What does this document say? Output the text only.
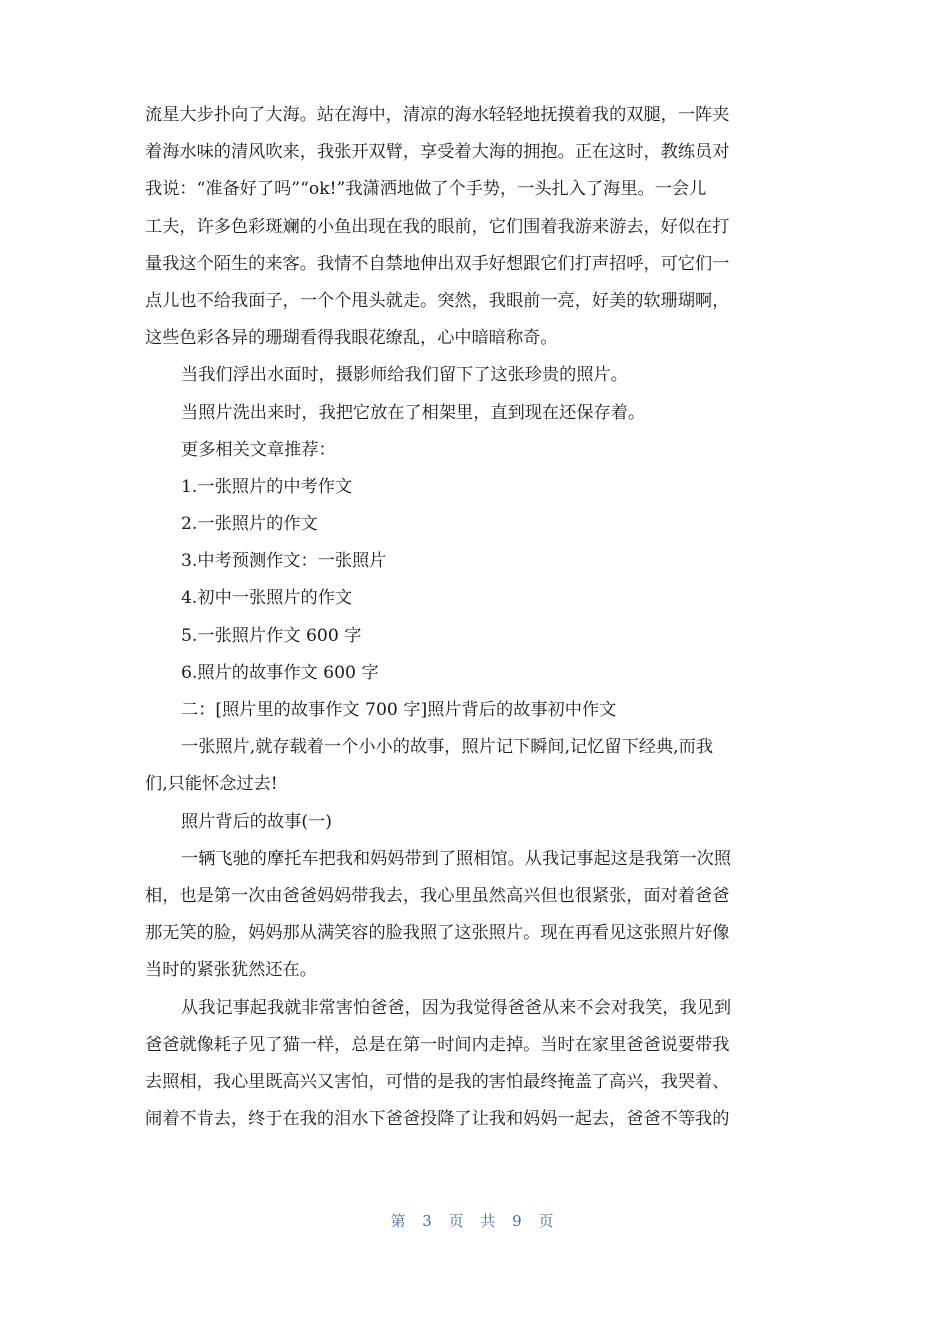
流星大步扑向了大海。站在海中，清凉的海水轻轻地抚摸着我的双腿，一阵夹
着海水味的清风吹来，我张开双臂，享受着大海的拥抱。正在这时，教练员对
我说：“准备好了吗”“ok!”我潇洒地做了个手势，一头扎入了海里。一会儿
工夫，许多色彩斑斓的小鱼出现在我的眼前，它们围着我游来游去，好似在打
量我这个陌生的来客。我情不自禁地伸出双手好想跟它们打声招呼，可它们一
点儿也不给我面子，一个个甩头就走。突然，我眼前一亮，好美的软珊瑚啊，
这些色彩各异的珊瑚看得我眼花缭乱，心中暗暗称奇。
当我们浮出水面时，摄影师给我们留下了这张珍贵的照片。
当照片洗出来时，我把它放在了相架里，直到现在还保存着。
更多相关文章推荐：
1.一张照片的中考作文
2.一张照片的作文
3.中考预测作文：一张照片
4.初中一张照片的作文
5.一张照片作文 600 字
6.照片的故事作文 600 字
二：[照片里的故事作文 700 字]照片背后的故事初中作文
一张照片,就存载着一个小小的故事，照片记下瞬间,记忆留下经典,而我
们,只能怀念过去!
照片背后的故事(一)
一辆飞驰的摩托车把我和妈妈带到了照相馆。从我记事起这是我第一次照
相，也是第一次由爸爸妈妈带我去，我心里虽然高兴但也很紧张，面对着爸爸
那无笑的脸，妈妈那从满笑容的脸我照了这张照片。现在再看见这张照片好像
当时的紧张犹然还在。
从我记事起我就非常害怕爸爸，因为我觉得爸爸从来不会对我笑，我见到
爸爸就像耗子见了猫一样，总是在第一时间内走掉。当时在家里爸爸说要带我
去照相，我心里既高兴又害怕，可惜的是我的害怕最终掩盖了高兴，我哭着、
闹着不肯去，终于在我的泪水下爸爸投降了让我和妈妈一起去，爸爸不等我的
第 3 页 共 9 页
